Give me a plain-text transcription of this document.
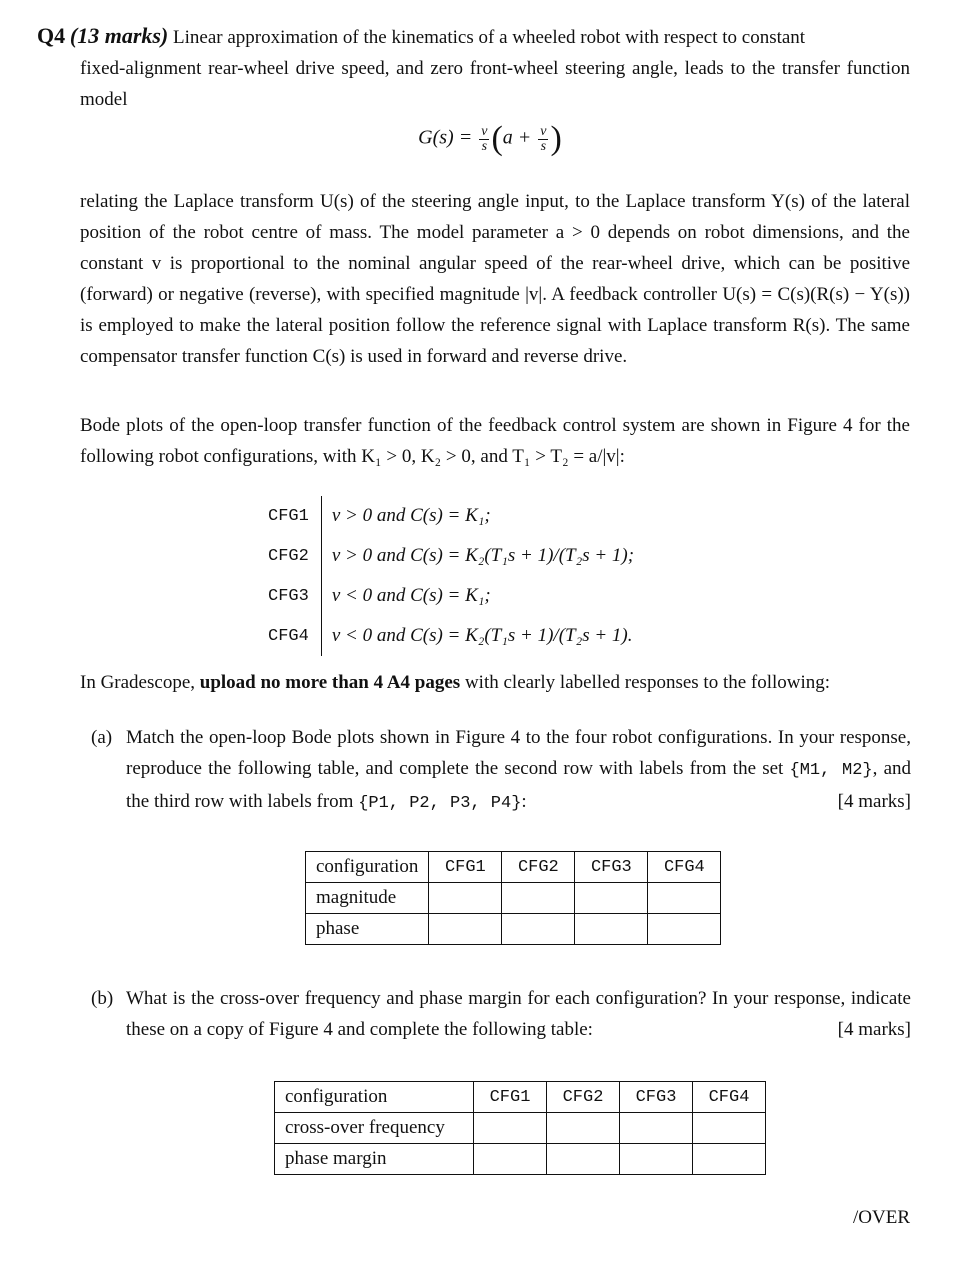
Q4 (13 marks) Linear approximation of the kinematics of a wheeled robot with respect to constant
fixed-alignment rear-wheel drive speed, and zero front-wheel steering angle, leads to the transfer function model
$G(s) = \frac{v}{s} (a + \frac{v}{s}$ )
relating the Laplace transform U(s) of the steering angle input, to the Laplace transform Y(s) of the lateral position of the robot centre of mass. The model parameter a > 0 depends on robot dimensions, and the constant v is proportional to the nominal angular speed of the rear-wheel drive, which can be positive (forward) or negative (reverse), with specified magnitude |v|. A feedback controller U(s) = C(s)(R(s) − Y(s)) is employed to make the lateral position follow the reference signal with Laplace transform R(s). The same compensator transfer function C(s) is used in forward and reverse drive.
Bode plots of the open-loop transfer function of the feedback control system are shown in Figure 4 for the following robot configurations, with K₁ > 0, K₂ > 0, and T₁ > T₂ = a/|v|:
CFG1	v > 0 and C(s) = K₁;
CFG2	v > 0 and C(s) = K₂(T₁s + 1)/(T₂s + 1);
CFG3	v < 0 and C(s) = K₁;
CFG4	v < 0 and C(s) = K₂(T₁s + 1)/(T₂s + 1).
In Gradescope, upload no more than 4 A4 pages with clearly labelled responses to the following:
(a) Match the open-loop Bode plots shown in Figure 4 to the four robot configurations. In your response, reproduce the following table, and complete the second row with labels from the set {M1, M2}, and the third row with labels from {P1, P2, P3, P4}:	[4 marks]
configuration	CFG1	CFG2	CFG3	CFG4
magnitude				
phase				
(b) What is the cross-over frequency and phase margin for each configuration? In your response, indicate these on a copy of Figure 4 and complete the following table:	[4 marks]
configuration	CFG1	CFG2	CFG3	CFG4
cross-over frequency				
phase margin				
/OVER
